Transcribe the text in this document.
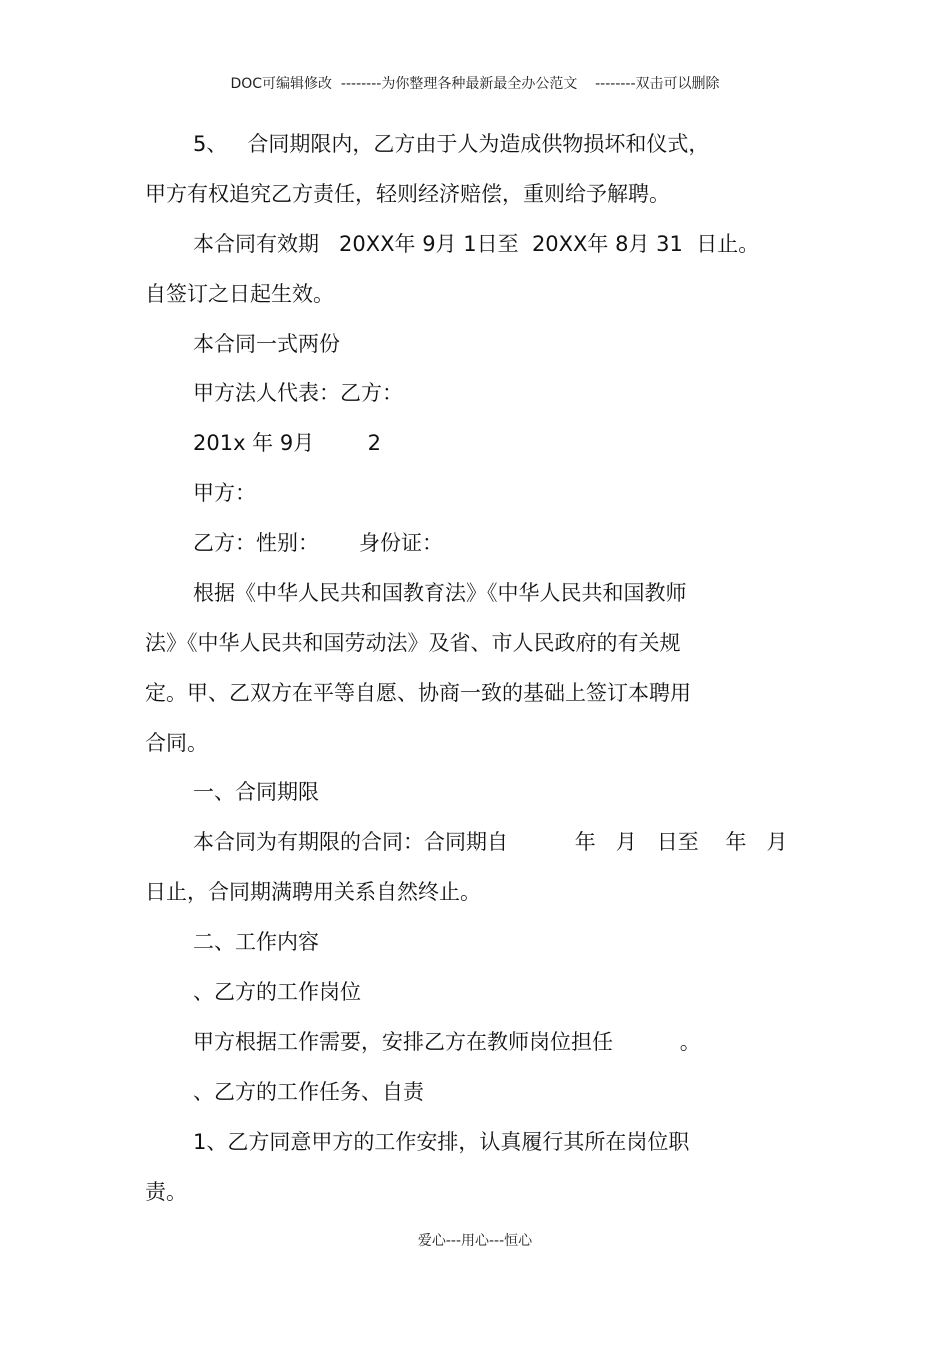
DOC可编辑修改  --------为你整理各种最新最全办公范文    --------双击可以删除
5、   合同期限内，乙方由于人为造成供物损坏和仪式，
甲方有权追究乙方责任，轻则经济赔偿，重则给予解聘。
本合同有效期   20XX年 9月 1日至  20XX年 8月 31  日止。
自签订之日起生效。
本合同一式两份
甲方法人代表：乙方：
201x 年 9月        2
甲方：
乙方：性别：      身份证：
根据《中华人民共和国教育法》《中华人民共和国教师
法》《中华人民共和国劳动法》及省、市人民政府的有关规
定。甲、乙双方在平等自愿、协商一致的基础上签订本聘用
合同。
一、合同期限
本合同为有期限的合同：合同期自          年   月   日至    年   月
日止，合同期满聘用关系自然终止。
二、工作内容
、乙方的工作岗位
甲方根据工作需要，安排乙方在教师岗位担任          。
、乙方的工作任务、自责
1、乙方同意甲方的工作安排，认真履行其所在岗位职
责。
爱心---用心---恒心
